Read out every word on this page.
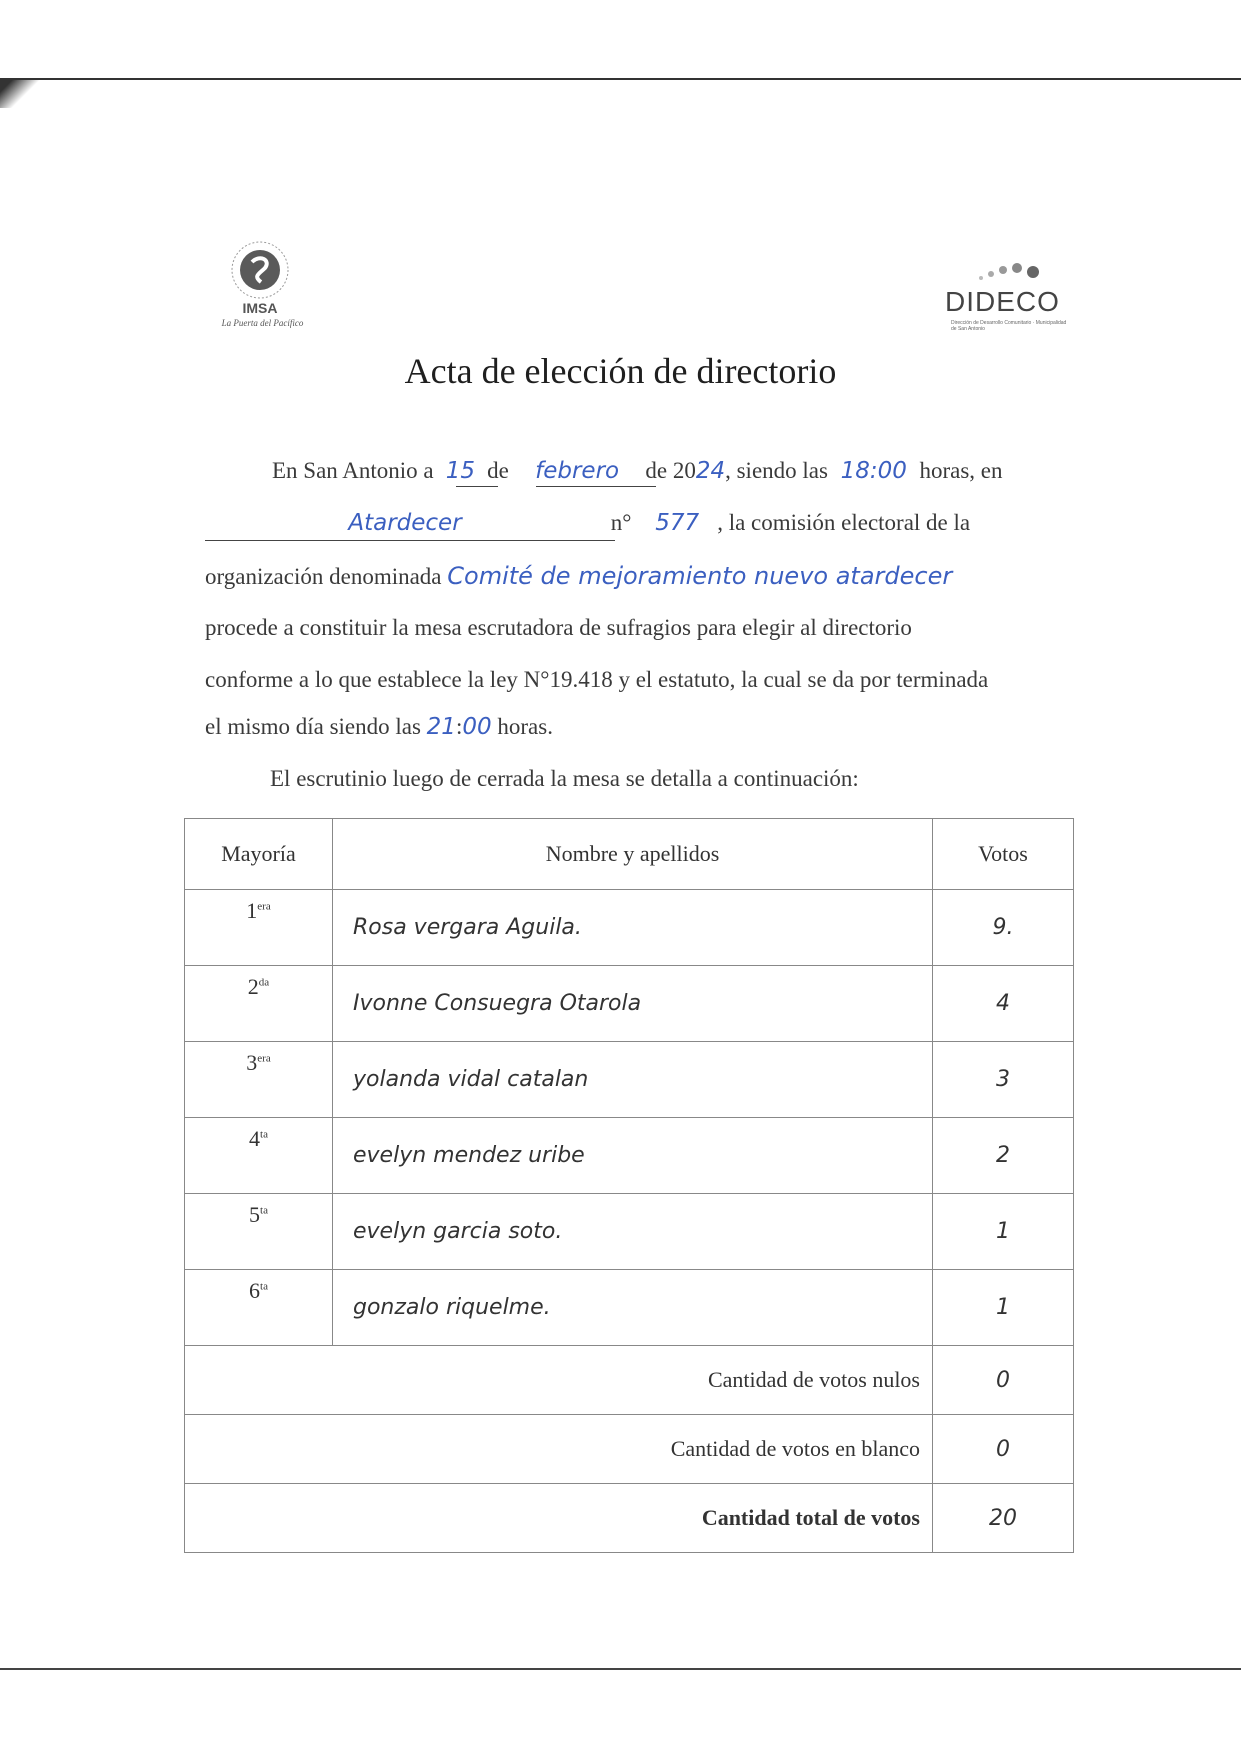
IMSA
La Puerta del Pacífico
DIDECO
Dirección de Desarrollo Comunitario · Municipalidad de San Antonio
Acta de elección de directorio
En San Antonio a 15 de febrero de 2024, siendo las 18:00 horas, en
Atardecer	n° 577 , la comisión electoral de la
organización denominada Comité de mejoramiento nuevo atardecer
procede a constituir la mesa escrutadora de sufragios para elegir al directorio
conforme a lo que establece la ley N°19.418 y el estatuto, la cual se da por terminada
el mismo día siendo las 21:00 horas.
El escrutinio luego de cerrada la mesa se detalla a continuación:
Mayoría	Nombre y apellidos	Votos
$1^{era}$	Rosa vergara Aguila.	9.
$2^{da}$	Ivonne Consuegra Otarola	4
$3^{era}$	yolanda vidal catalan	3
$4^{ta}$	evelyn mendez uribe	2
$5^{ta}$	evelyn garcia soto.	1
$6^{ta}$	gonzalo riquelme.	1
Cantidad de votos nulos		0
Cantidad de votos en blanco		0
Cantidad total de votos		20
